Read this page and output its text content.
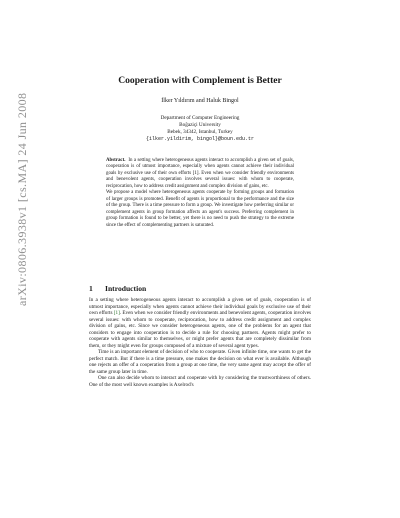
arXiv:0806.3938v1 [cs.MA] 24 Jun 2008
Cooperation with Complement is Better
İlker Yıldırım and Haluk Bingol
Department of Computer Engineering
Boğaziçi University
Bebek, 34342, Istanbul, Turkey
{ilker.yildirim, bingol}@boun.edu.tr

Abstract. In a setting where heterogeneous agents interact to accomplish a given set of goals, cooperation is of utmost importance, especially when agents cannot achieve their individual goals by exclusive use of their own efforts [1]. Even when we consider friendly environments and benevolent agents, cooperation involves several issues: with whom to cooperate, reciprocation, how to address credit assignment and complex division of gains, etc.

We propose a model where heterogeneous agents cooperate by forming groups and formation of larger groups is promoted. Benefit of agents is proportional to the performance and the size of the group. There is a time pressure to form a group. We investigate how preferring similar or complement agents in group formation affects an agent's success. Preferring complement in group formation is found to be better, yet there is no need to push the strategy to the extreme since the effect of complementing partners is saturated.

1 Introduction

In a setting where heterogeneous agents interact to accomplish a given set of goals, cooperation is of utmost importance, especially when agents cannot achieve their individual goals by exclusive use of their own efforts [1]. Even when we consider friendly environments and benevolent agents, cooperation involves several issues: with whom to cooperate, reciprocation, how to address credit assignment and complex division of gains, etc. Since we consider heterogeneous agents, one of the problems for an agent that considers to engage into cooperation is to decide a rule for choosing partners. Agents might prefer to cooperate with agents similar to themselves, or might prefer agents that are completely dissimilar from them, or they might even for groups composed of a mixture of several agent types.

Time is an important element of decision of who to cooperate. Given infinite time, one wants to get the perfect match. But if there is a time pressure, one makes the decision on what ever is available. Although one rejects an offer of a cooperation from a group at one time, the very same agent may accept the offer of the same group later in time.

One can also decide whom to interact and cooperate with by considering the trustworthiness of others. One of the most well known examples is Axelrod's
